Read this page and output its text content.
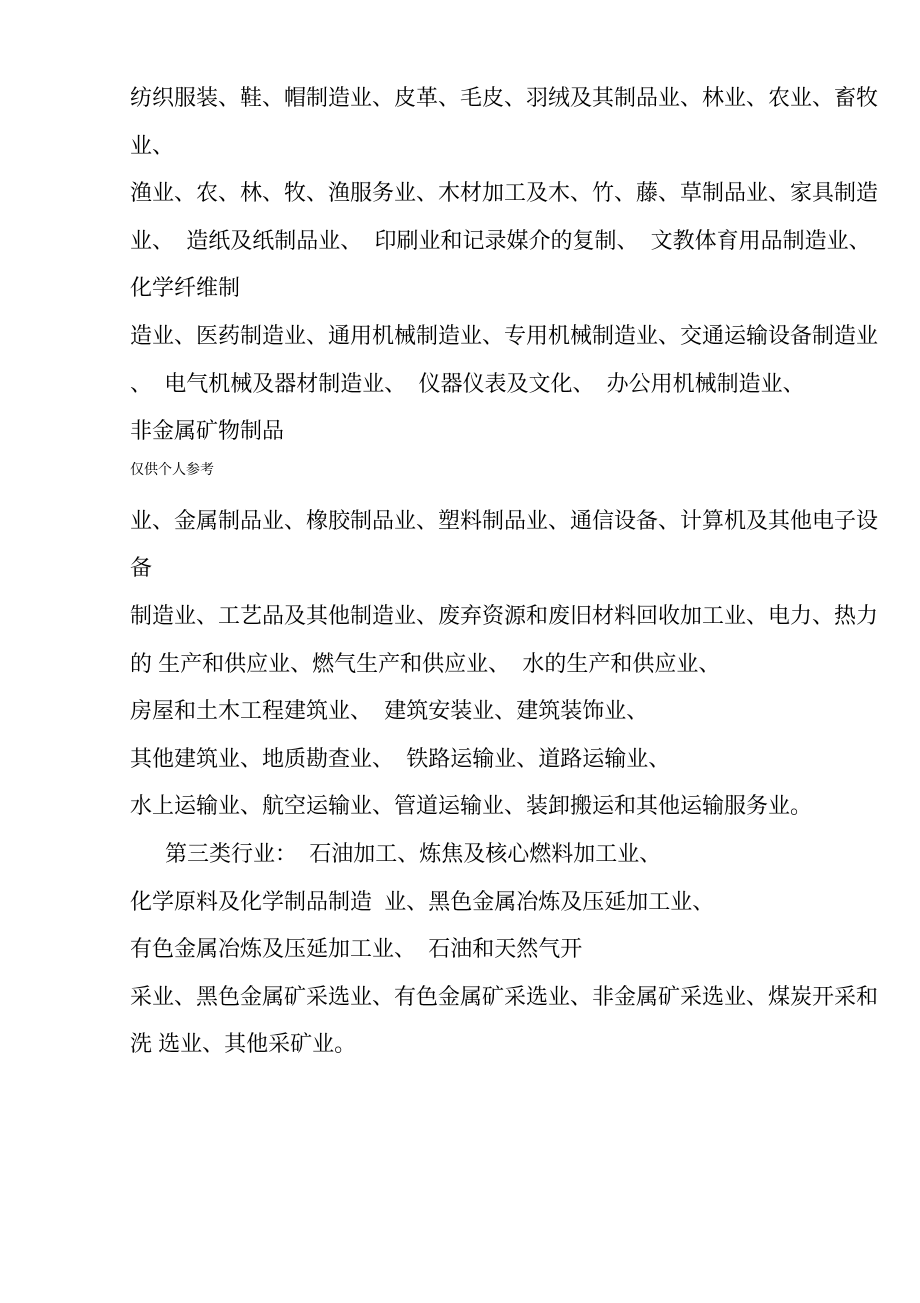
纺织服装、鞋、帽制造业、皮革、毛皮、羽绒及其制品业、林业、农业、畜牧
业、
渔业、农、林、牧、渔服务业、木材加工及木、竹、藤、草制品业、家具制造
业、  造纸及纸制品业、  印刷业和记录媒介的复制、  文教体育用品制造业、
化学纤维制
造业、医药制造业、通用机械制造业、专用机械制造业、交通运输设备制造业
、  电气机械及器材制造业、  仪器仪表及文化、  办公用机械制造业、
非金属矿物制品
仅供个人参考
业、金属制品业、橡胶制品业、塑料制品业、通信设备、计算机及其他电子设
备
制造业、工艺品及其他制造业、废弃资源和废旧材料回收加工业、电力、热力
的 生产和供应业、燃气生产和供应业、  水的生产和供应业、
房屋和土木工程建筑业、  建筑安装业、建筑装饰业、
其他建筑业、地质勘查业、  铁路运输业、道路运输业、
水上运输业、航空运输业、管道运输业、装卸搬运和其他运输服务业。
第三类行业：  石油加工、炼焦及核心燃料加工业、
化学原料及化学制品制造  业、黑色金属冶炼及压延加工业、
有色金属冶炼及压延加工业、  石油和天然气开
采业、黑色金属矿采选业、有色金属矿采选业、非金属矿采选业、煤炭开采和
洗 选业、其他采矿业。
